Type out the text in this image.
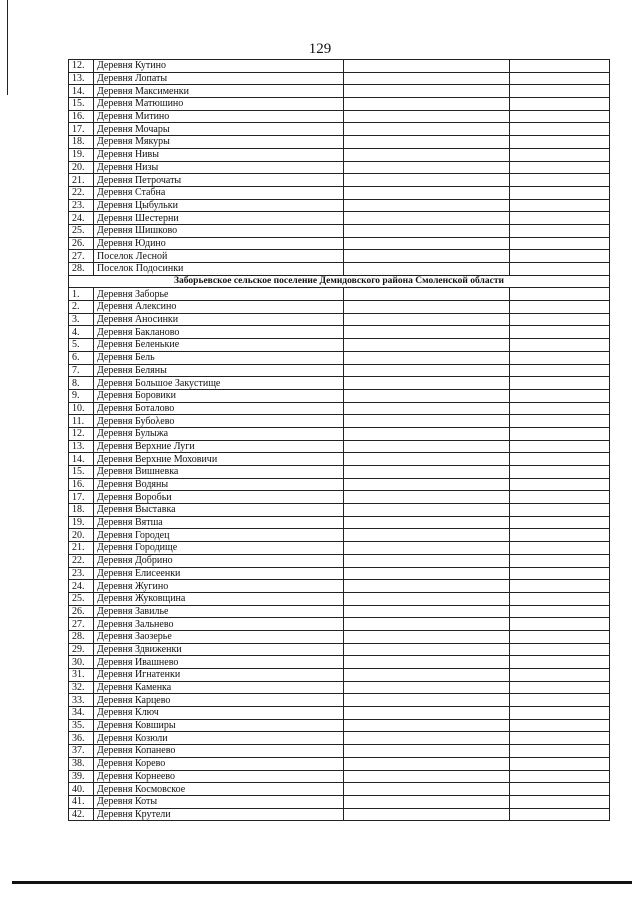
129
12.	Деревня Кутино		
13.	Деревня Лопаты		
14.	Деревня Максименки		
15.	Деревня Матюшино		
16.	Деревня Митино		
17.	Деревня Мочары		
18.	Деревня Мякуры		
19.	Деревня Нивы		
20.	Деревня Низы		
21.	Деревня Петрочаты		
22.	Деревня Стабна		
23.	Деревня Цыбульки		
24.	Деревня Шестерни		
25.	Деревня Шишково		
26.	Деревня Юдино		
27.	Поселок Лесной		
28.	Поселок Подосинки		
Заборьевское сельское поселение Демидовского района Смоленской области			
1.	Деревня Заборье		
2.	Деревня Алексино		
3.	Деревня Аносинки		
4.	Деревня Бакланово		
5.	Деревня Беленькие		
6.	Деревня Бель		
7.	Деревня Беляны		
8.	Деревня Большое Закустище		
9.	Деревня Боровики		
10.	Деревня Боталово		
11.	Деревня Бубολево		
12.	Деревня Булыжа		
13.	Деревня Верхние Луги		
14.	Деревня Верхние Моховичи		
15.	Деревня Вишневка		
16.	Деревня Водяны		
17.	Деревня Воробьи		
18.	Деревня Выставка		
19.	Деревня Вятша		
20.	Деревня Городец		
21.	Деревня Городище		
22.	Деревня Добрино		
23.	Деревня Елисеенки		
24.	Деревня Жугино		
25.	Деревня Жуковщина		
26.	Деревня Завилье		
27.	Деревня Зальнево		
28.	Деревня Заозерье		
29.	Деревня Здвиженки		
30.	Деревня Ивашнево		
31.	Деревня Игнатенки		
32.	Деревня Каменка		
33.	Деревня Карцево		
34.	Деревня Ключ		
35.	Деревня Ковширы		
36.	Деревня Козюли		
37.	Деревня Копанево		
38.	Деревня Корево		
39.	Деревня Корнеево		
40.	Деревня Космовское		
41.	Деревня Коты		
42.	Деревня Крутели		
